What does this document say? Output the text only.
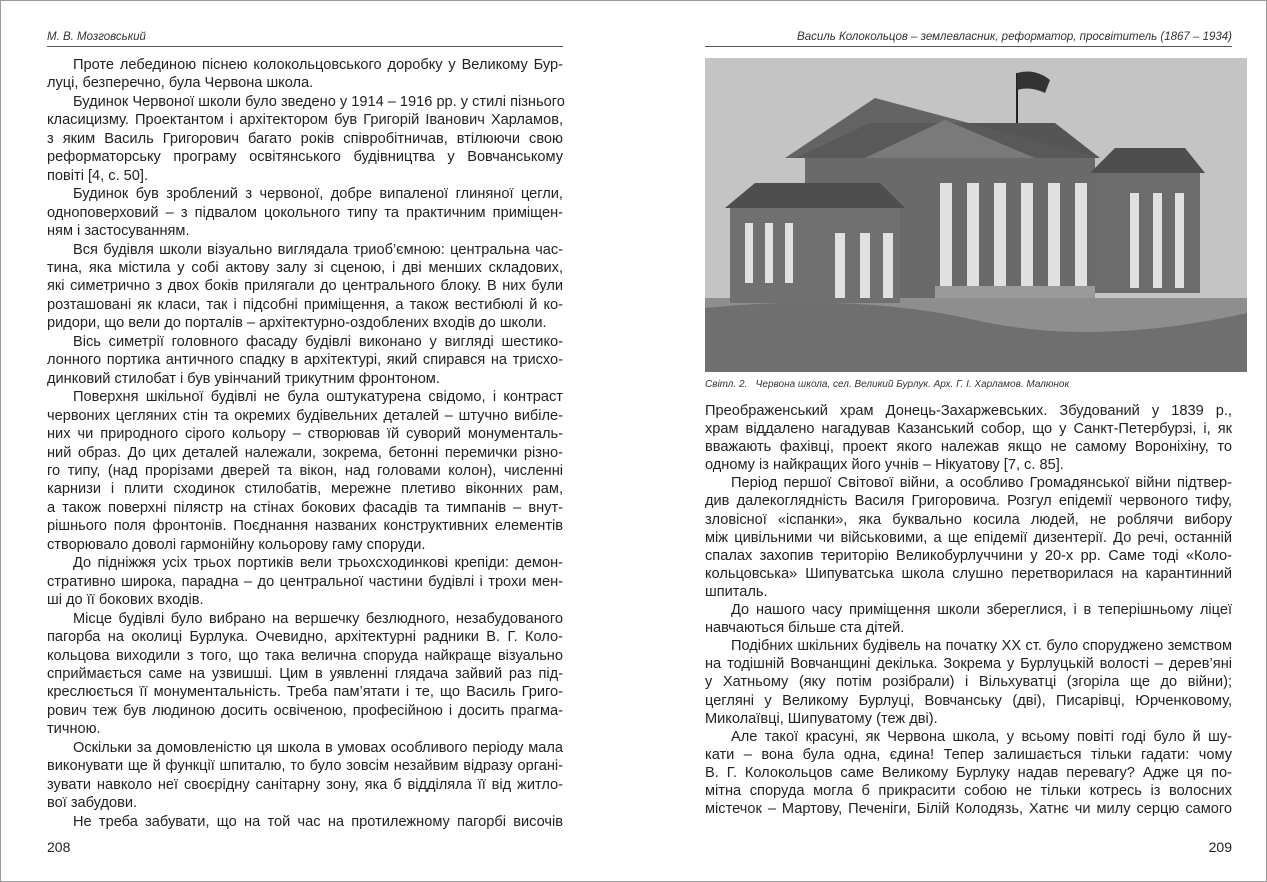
М. В. Мозговський
Проте лебединою піснею колокольцовського доробку у Великому Бур-
луці, безперечно, була Червона школа.
Будинок Червоної школи було зведено у 1914 – 1916 рр. у стилі пізнього
класицизму. Проектантом і архітектором був Григорій Іванович Харламов,
з яким Василь Григорович багато років співробітничав, втілюючи свою
реформаторську програму освітянського будівництва у Вовчанському
повіті [4, с. 50].
Будинок був зроблений з червоної, добре випаленої глиняної цегли,
одноповерховий – з підвалом цокольного типу та практичним приміщен-
ням і застосуванням.
Вся будівля школи візуально виглядала триоб’ємною: центральна час-
тина, яка містила у собі актову залу зі сценою, і дві менших складових,
які симетрично з двох боків прилягали до центрального блоку. В них були
розташовані як класи, так і підсобні приміщення, а також вестибюлі й ко-
ридори, що вели до порталів – архітектурно-оздоблених входів до школи.
Вісь симетрії головного фасаду будівлі виконано у вигляді шестико-
лонного портика античного спадку в архітектурі, який спирався на трисхо-
динковий стилобат і був увінчаний трикутним фронтоном.
Поверхня шкільної будівлі не була оштукатурена свідомо, і контраст
червоних цегляних стін та окремих будівельних деталей – штучно вибіле-
них чи природного сірого кольору – створював їй суворий монументаль-
ний образ. До цих деталей належали, зокрема, бетонні перемички різно-
го типу, (над прорізами дверей та вікон, над головами колон), численні
карнизи і плити сходинок стилобатів, мережне плетиво віконних рам,
а також поверхні пілястр на стінах бокових фасадів та тимпанів – внут-
рішнього поля фронтонів. Поєднання названих конструктивних елементів
створювало доволі гармонійну кольорову гаму споруди.
До підніжжя усіх трьох портиків вели трьохсходинкові крепіди: демон-
стративно широка, парадна – до центральної частини будівлі і трохи мен-
ші до її бокових входів.
Місце будівлі було вибрано на вершечку безлюдного, незабудованого
пагорба на околиці Бурлука. Очевидно, архітектурні радники В. Г. Коло-
кольцова виходили з того, що така велична споруда найкраще візуально
сприймається саме на узвишші. Цим в уявленні глядача зайвий раз під-
креслюється її монументальність. Треба пам’ятати і те, що Василь Григо-
рович теж був людиною досить освіченою, професійною і досить прагма-
тичною.
Оскільки за домовленістю ця школа в умовах особливого періоду мала
виконувати ще й функції шпиталю, то було зовсім незайвим відразу органі-
зувати навколо неї своєрідну санітарну зону, яка б відділяла її від житло-
вої забудови.
Не треба забувати, що на той час на протилежному пагорбі височів
208
Василь Колокольцов – землевласник, реформатор, просвітитель (1867 – 1934)
Світл. 2. Червона школа, сел. Великий Бурлук. Арх. Г. І. Харламов. Малюнок
Преображенський храм Донець-Захаржевських. Збудований у 1839 р.,
храм віддалено нагадував Казанський собор, що у Санкт-Петербурзі, і, як
вважають фахівці, проект якого належав якщо не самому Вороніхіну, то
одному із найкращих його учнів – Нікуатову [7, с. 85].
Період першої Світової війни, а особливо Громадянської війни підтвер-
див далекоглядність Василя Григоровича. Розгул епідемії червоного тифу,
зловісної «іспанки», яка буквально косила людей, не роблячи вибору
між цивільними чи військовими, а ще епідемії дизентерії. До речі, останній
спалах захопив територію Великобурлуччини у 20-х рр. Саме тоді «Коло-
кольцовська» Шипуватська школа слушно перетворилася на карантинний
шпиталь.
До нашого часу приміщення школи збереглися, і в теперішньому ліцеї
навчаються більше ста дітей.
Подібних шкільних будівель на початку XX ст. було споруджено земством
на тодішній Вовчанщині декілька. Зокрема у Бурлуцькій волості – дерев’яні
у Хатньому (яку потім розібрали) і Вільхуватці (згоріла ще до війни);
цегляні у Великому Бурлуці, Вовчанську (дві), Писарівці, Юрченковому,
Миколаївці, Шипуватому (теж дві).
Але такої красуні, як Червона школа, у всьому повіті годі було й шу-
кати – вона була одна, єдина! Тепер залишається тільки гадати: чому
В. Г. Колокольцов саме Великому Бурлуку надав перевагу? Адже ця по-
мітна споруда могла б прикрасити собою не тільки котресь із волосних
містечок – Мартову, Печеніги, Білій Колодязь, Хатнє чи милу серцю самого
209
